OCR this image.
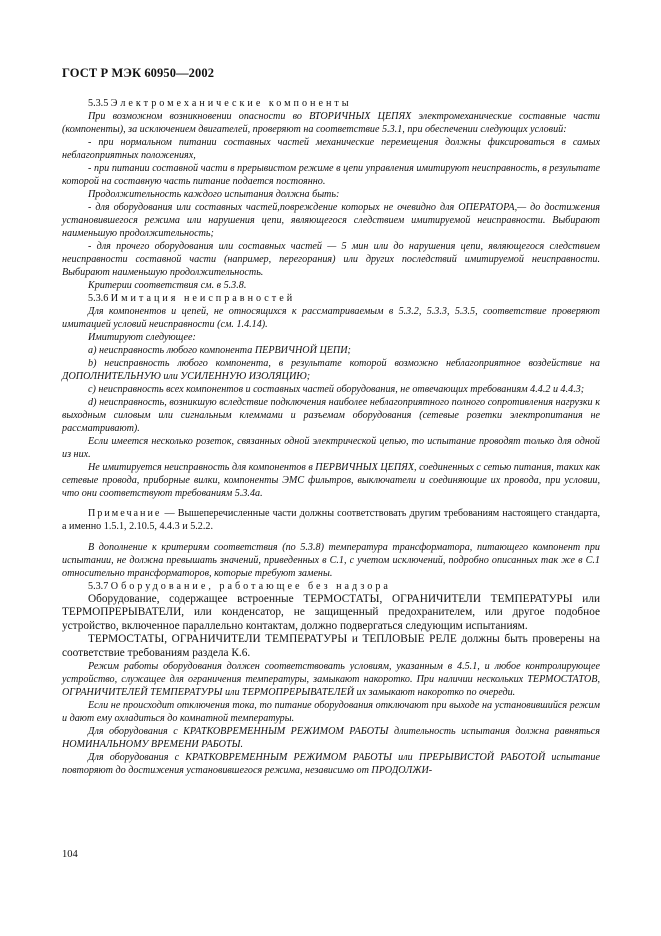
ГОСТ Р МЭК 60950—2002

5.3.5 Электромеханические компоненты

При возможном возникновении опасности во ВТОРИЧНЫХ ЦЕПЯХ электромеханические составные части (компоненты), за исключением двигателей, проверяют на соответствие 5.3.1, при обеспечении следующих условий:

- при нормальном питании составных частей механические перемещения должны фиксироваться в самых неблагоприятных положениях,

- при питании составной части в прерывистом режиме в цепи управления имитируют неисправность, в результате которой на составную часть питание подается постоянно.

Продолжительность каждого испытания должна быть:

- для оборудования или составных частей,повреждение которых не очевидно для ОПЕРАТОРА,— до достижения установившегося режима или нарушения цепи, являющегося следствием имитируемой неисправности. Выбирают наименьшую продолжительность;

- для прочего оборудования или составных частей — 5 мин или до нарушения цепи, являющегося следствием неисправности составной части (например, перегорания) или других последствий имитируемой неисправности. Выбирают наименьшую продолжительность.

Критерии соответствия см. в 5.3.8.

5.3.6 Имитация неисправностей

Для компонентов и цепей, не относящихся к рассматриваемым в 5.3.2, 5.3.3, 5.3.5, соответствие проверяют имитацией условий неисправности (см. 1.4.14).

Имитируют следующее:

a) неисправность любого компонента ПЕРВИЧНОЙ ЦЕПИ;

b) неисправность любого компонента, в результате которой возможно неблагоприятное воздействие на ДОПОЛНИТЕЛЬНУЮ или УСИЛЕННУЮ ИЗОЛЯЦИЮ;

c) неисправность всех компонентов и составных частей оборудования, не отвечающих требованиям 4.4.2 и 4.4.3;

d) неисправность, возникшую вследствие подключения наиболее неблагоприятного полного сопротивления нагрузки к выходным силовым или сигнальным клеммами и разъемам оборудования (сетевые розетки электропитания не рассматривают).

Если имеется несколько розеток, связанных одной электрической цепью, то испытание проводят только для одной из них.

Не имитируется неисправность для компонентов в ПЕРВИЧНЫХ ЦЕПЯХ, соединенных с сетью питания, таких как сетевые провода, приборные вилки, компоненты ЭМС фильтров, выключатели и соединяющие их провода, при условии, что они соответствуют требованиям 5.3.4а.

Примечание — Вышеперечисленные части должны соответствовать другим требованиям настоящего стандарта, а именно 1.5.1, 2.10.5, 4.4.3 и 5.2.2.

В дополнение к критериям соответствия (по 5.3.8) температура трансформатора, питающего компонент при испытании, не должна превышать значений, приведенных в С.1, с учетом исключений, подробно описанных так же в С.1 относительно трансформаторов, которые требуют замены.

5.3.7 Оборудование, работающее без надзора

Оборудование, содержащее встроенные ТЕРМОСТАТЫ, ОГРАНИЧИТЕЛИ ТЕМПЕРАТУРЫ или ТЕРМОПРЕРЫВАТЕЛИ, или конденсатор, не защищенный предохранителем, или другое подобное устройство, включенное параллельно контактам, должно подвергаться следующим испытаниям.

ТЕРМОСТАТЫ, ОГРАНИЧИТЕЛИ ТЕМПЕРАТУРЫ и ТЕПЛОВЫЕ РЕЛЕ должны быть проверены на соответствие требованиям раздела К.6.

Режим работы оборудования должен соответствовать условиям, указанным в 4.5.1, и любое контролирующее устройство, служащее для ограничения температуры, замыкают накоротко. При наличии нескольких ТЕРМОСТАТОВ, ОГРАНИЧИТЕЛЕЙ ТЕМПЕРАТУРЫ или ТЕРМОПРЕРЫВАТЕЛЕЙ их замыкают накоротко по очереди.

Если не происходит отключения тока, то питание оборудования отключают при выходе на установившийся режим и дают ему охладиться до комнатной температуры.

Для оборудования с КРАТКОВРЕМЕННЫМ РЕЖИМОМ РАБОТЫ длительность испытания должна равняться НОМИНАЛЬНОМУ ВРЕМЕНИ РАБОТЫ.

Для оборудования с КРАТКОВРЕМЕННЫМ РЕЖИМОМ РАБОТЫ или ПРЕРЫВИСТОЙ РАБОТОЙ испытание повторяют до достижения установившегося режима, независимо от ПРОДОЛЖИ-

104
